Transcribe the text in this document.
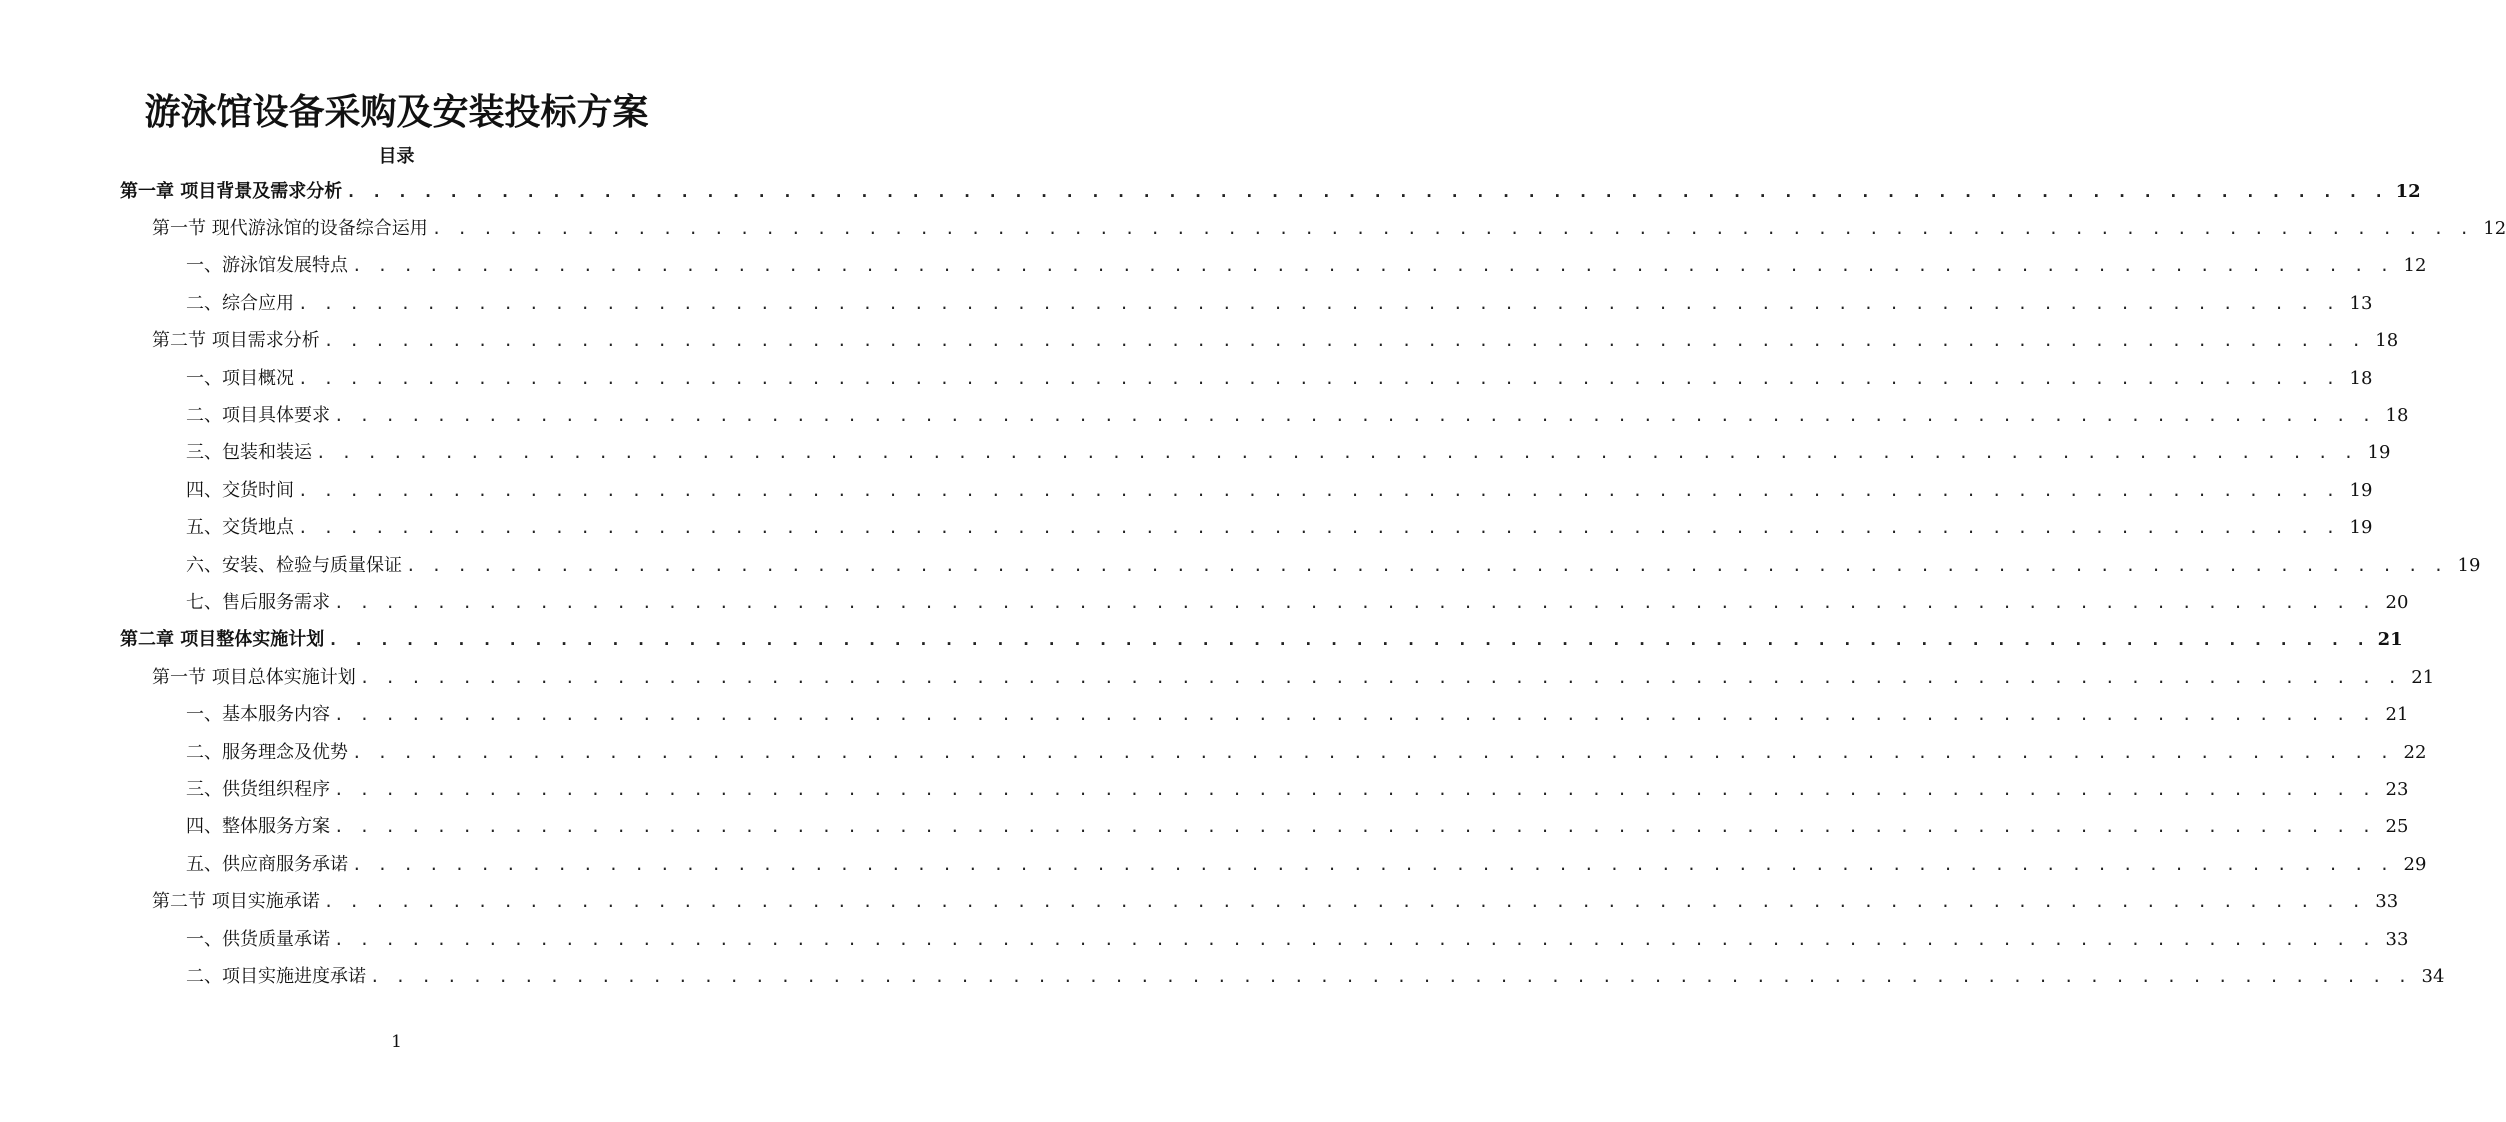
游泳馆设备采购及安装投标方案
目录
第一章 项目背景及需求分析 . . . . . . . . . . . . . . . . . . . . . . . . . . . . . . . . . . . . . . . . . . . . . . . . . . . . . . . . . . . . . . . . . . . . . . . . . . . . . . . . 12
第一节 现代游泳馆的设备综合运用 . . . . . . . . . . . . . . . . . . . . . . . . . . . . . . . . . . . . . . . . . . . . . . . . . . . . . . . . . . . . . . . . . . . . . . . . . . . . . . . . 12
一、游泳馆发展特点 . . . . . . . . . . . . . . . . . . . . . . . . . . . . . . . . . . . . . . . . . . . . . . . . . . . . . . . . . . . . . . . . . . . . . . . . . . . . . . . . 12
二、综合应用 . . . . . . . . . . . . . . . . . . . . . . . . . . . . . . . . . . . . . . . . . . . . . . . . . . . . . . . . . . . . . . . . . . . . . . . . . . . . . . . . 13
第二节 项目需求分析 . . . . . . . . . . . . . . . . . . . . . . . . . . . . . . . . . . . . . . . . . . . . . . . . . . . . . . . . . . . . . . . . . . . . . . . . . . . . . . . . 18
一、项目概况 . . . . . . . . . . . . . . . . . . . . . . . . . . . . . . . . . . . . . . . . . . . . . . . . . . . . . . . . . . . . . . . . . . . . . . . . . . . . . . . . 18
二、项目具体要求 . . . . . . . . . . . . . . . . . . . . . . . . . . . . . . . . . . . . . . . . . . . . . . . . . . . . . . . . . . . . . . . . . . . . . . . . . . . . . . . . 18
三、包装和装运 . . . . . . . . . . . . . . . . . . . . . . . . . . . . . . . . . . . . . . . . . . . . . . . . . . . . . . . . . . . . . . . . . . . . . . . . . . . . . . . . 19
四、交货时间 . . . . . . . . . . . . . . . . . . . . . . . . . . . . . . . . . . . . . . . . . . . . . . . . . . . . . . . . . . . . . . . . . . . . . . . . . . . . . . . . 19
五、交货地点 . . . . . . . . . . . . . . . . . . . . . . . . . . . . . . . . . . . . . . . . . . . . . . . . . . . . . . . . . . . . . . . . . . . . . . . . . . . . . . . . 19
六、安装、检验与质量保证 . . . . . . . . . . . . . . . . . . . . . . . . . . . . . . . . . . . . . . . . . . . . . . . . . . . . . . . . . . . . . . . . . . . . . . . . . . . . . . . . 19
七、售后服务需求 . . . . . . . . . . . . . . . . . . . . . . . . . . . . . . . . . . . . . . . . . . . . . . . . . . . . . . . . . . . . . . . . . . . . . . . . . . . . . . . . 20
第二章 项目整体实施计划 . . . . . . . . . . . . . . . . . . . . . . . . . . . . . . . . . . . . . . . . . . . . . . . . . . . . . . . . . . . . . . . . . . . . . . . . . . . . . . . . 21
第一节 项目总体实施计划 . . . . . . . . . . . . . . . . . . . . . . . . . . . . . . . . . . . . . . . . . . . . . . . . . . . . . . . . . . . . . . . . . . . . . . . . . . . . . . . . 21
一、基本服务内容 . . . . . . . . . . . . . . . . . . . . . . . . . . . . . . . . . . . . . . . . . . . . . . . . . . . . . . . . . . . . . . . . . . . . . . . . . . . . . . . . 21
二、服务理念及优势 . . . . . . . . . . . . . . . . . . . . . . . . . . . . . . . . . . . . . . . . . . . . . . . . . . . . . . . . . . . . . . . . . . . . . . . . . . . . . . . . 22
三、供货组织程序 . . . . . . . . . . . . . . . . . . . . . . . . . . . . . . . . . . . . . . . . . . . . . . . . . . . . . . . . . . . . . . . . . . . . . . . . . . . . . . . . 23
四、整体服务方案 . . . . . . . . . . . . . . . . . . . . . . . . . . . . . . . . . . . . . . . . . . . . . . . . . . . . . . . . . . . . . . . . . . . . . . . . . . . . . . . . 25
五、供应商服务承诺 . . . . . . . . . . . . . . . . . . . . . . . . . . . . . . . . . . . . . . . . . . . . . . . . . . . . . . . . . . . . . . . . . . . . . . . . . . . . . . . . 29
第二节 项目实施承诺 . . . . . . . . . . . . . . . . . . . . . . . . . . . . . . . . . . . . . . . . . . . . . . . . . . . . . . . . . . . . . . . . . . . . . . . . . . . . . . . . 33
一、供货质量承诺 . . . . . . . . . . . . . . . . . . . . . . . . . . . . . . . . . . . . . . . . . . . . . . . . . . . . . . . . . . . . . . . . . . . . . . . . . . . . . . . . 33
二、项目实施进度承诺 . . . . . . . . . . . . . . . . . . . . . . . . . . . . . . . . . . . . . . . . . . . . . . . . . . . . . . . . . . . . . . . . . . . . . . . . . . . . . . . . 34
1
